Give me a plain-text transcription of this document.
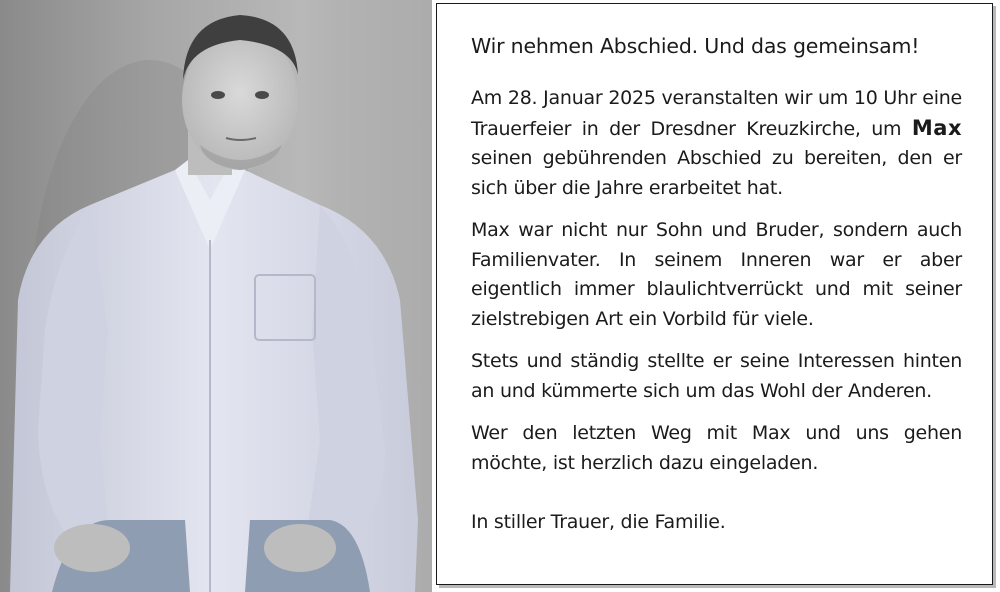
Wir nehmen Abschied. Und das gemeinsam!

Am 28. Januar 2025 veranstalten wir um 10 Uhr eine Trauerfeier in der Dresdner Kreuzkirche, um Max seinen gebührenden Abschied zu bereiten, den er sich über die Jahre erarbeitet hat.

Max war nicht nur Sohn und Bruder, sondern auch Familienvater. In seinem Inneren war er aber eigentlich immer blaulichtverrückt und mit seiner zielstrebigen Art ein Vorbild für viele.

Stets und ständig stellte er seine Interessen hinten an und kümmerte sich um das Wohl der Anderen.

Wer den letzten Weg mit Max und uns gehen möchte, ist herzlich dazu eingeladen.

In stiller Trauer, die Familie.
